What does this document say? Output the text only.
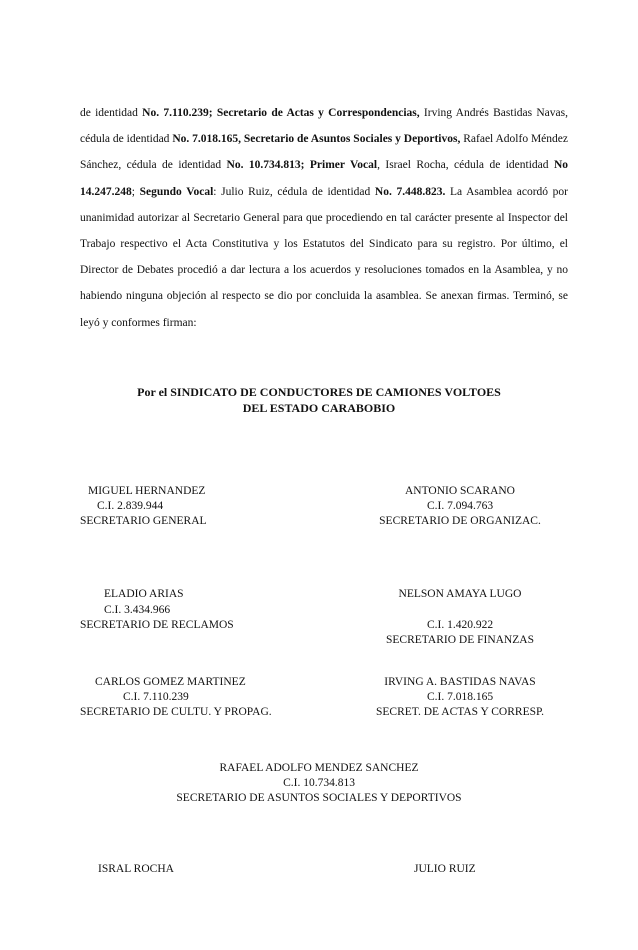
de identidad No. 7.110.239; Secretario de Actas y Correspondencias, Irving Andrés Bastidas Navas, cédula de identidad No. 7.018.165, Secretario de Asuntos Sociales y Deportivos, Rafael Adolfo Méndez Sánchez, cédula de identidad No. 10.734.813; Primer Vocal, Israel Rocha, cédula de identidad No 14.247.248; Segundo Vocal: Julio Ruiz, cédula de identidad No. 7.448.823. La Asamblea acordó por unanimidad autorizar al Secretario General para que procediendo en tal carácter presente al Inspector del Trabajo respectivo el Acta Constitutiva y los Estatutos del Sindicato para su registro. Por último, el Director de Debates procedió a dar lectura a los acuerdos y resoluciones tomados en la Asamblea, y no habiendo ninguna objeción al respecto se dio por concluida la asamblea. Se anexan firmas. Terminó, se leyó y conformes firman:

Por el SINDICATO DE CONDUCTORES DE CAMIONES VOLTOES
DEL ESTADO CARABOBIO
MIGUEL HERNANDEZ
C.I. 2.839.944
SECRETARIO GENERAL
ANTONIO SCARANO
C.I. 7.094.763
SECRETARIO DE ORGANIZAC.
ELADIO ARIAS
C.I. 3.434.966
SECRETARIO DE RECLAMOS
NELSON AMAYA LUGO
C.I. 1.420.922
SECRETARIO DE FINANZAS
CARLOS GOMEZ MARTINEZ
C.I. 7.110.239
SECRETARIO DE CULTU. Y PROPAG.
IRVING A. BASTIDAS NAVAS
C.I. 7.018.165
SECRET. DE ACTAS Y CORRESP.
RAFAEL ADOLFO MENDEZ SANCHEZ
C.I. 10.734.813
SECRETARIO DE ASUNTOS SOCIALES Y DEPORTIVOS
ISRAL ROCHA	JULIO RUIZ
